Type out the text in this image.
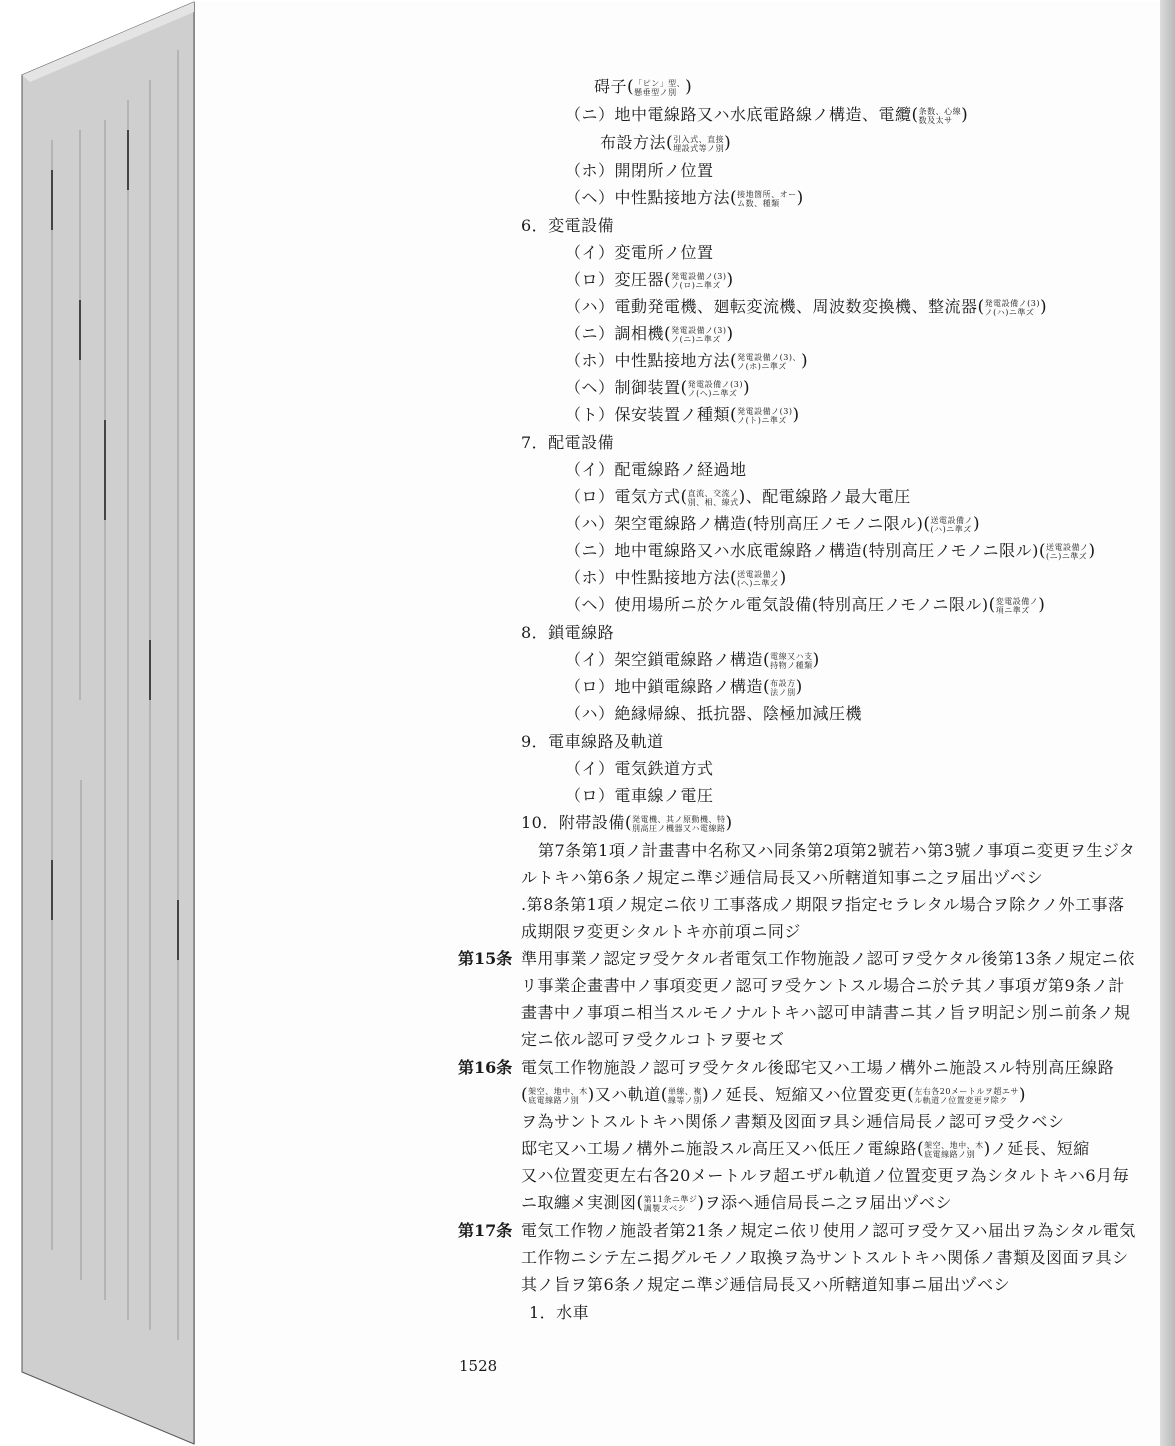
碍子( 「ピン」型、
懸垂型ノ別 )
（ニ）地中電線路又ハ水底電路線ノ構造、電纜( 条数、心線
数及太サ )
布設方法( 引入式、直接
埋設式等ノ別 )
（ホ）開閉所ノ位置
（ヘ）中性點接地方法( 接地箇所、オー
ム数、種類	)
6．変電設備
（イ）変電所ノ位置
（ロ）変圧器( 発電設備ノ(3)
ノ(ロ)ニ準ズ )
（ハ）電動発電機、廻転変流機、周波数変換機、整流器( 発電設備ノ(3)
ノ(ハ)ニ準ズ )
（ニ）調相機( 発電設備ノ(3)
ノ(ニ)ニ準ズ )
（ホ）中性點接地方法( 発電設備ノ(3)、
ノ(ホ)ニ準ズ )
（ヘ）制御装置( 発電設備ノ(3)
ノ(ヘ)ニ準ズ )
（ト）保安装置ノ種類( 発電設備ノ(3)
ノ(ト)ニ準ズ )
7．配電設備
（イ）配電線路ノ経過地
（ロ）電気方式( 直流、交流ノ
別、相、線式 )、配電線路ノ最大電圧
（ハ）架空電線路ノ構造(特別高圧ノモノニ限ル)( 送電設備ノ
(ハ)ニ準ズ )
（ニ）地中電線路又ハ水底電線路ノ構造(特別高圧ノモノニ限ル)( 送電設備ノ
(ニ)ニ準ズ )
（ホ）中性點接地方法( 送電設備ノ
(ヘ)ニ準ズ )
（ヘ）使用場所ニ於ケル電気設備(特別高圧ノモノニ限ル)( 変電設備ノ
項ニ準ズ )
8．鎖電線路
（イ）架空鎖電線路ノ構造( 電線又ハ支
持物ノ種類 )
（ロ）地中鎖電線路ノ構造( 布設方
法ノ別 )
（ハ）絶縁帰線、抵抗器、陰極加減圧機
9．電車線路及軌道
（イ）電気鉄道方式
（ロ）電車線ノ電圧
10．附帯設備( 発電機、其ノ原動機、特
別高圧ノ機器又ハ電線路 )
第7条第1項ノ計畫書中名称又ハ同条第2項第2號若ハ第3號ノ事項ニ変更ヲ生ジタ
ルトキハ第6条ノ規定ニ準ジ逓信局長又ハ所轄道知事ニ之ヲ届出ヅベシ
.第8条第1項ノ規定ニ依リ工事落成ノ期限ヲ指定セラレタル場合ヲ除クノ外工事落
成期限ヲ変更シタルトキ亦前項ニ同ジ
第15条 準用事業ノ認定ヲ受ケタル者電気工作物施設ノ認可ヲ受ケタル後第13条ノ規定ニ依
リ事業企畫書中ノ事項変更ノ認可ヲ受ケントスル場合ニ於テ其ノ事項ガ第9条ノ計
畫書中ノ事項ニ相当スルモノナルトキハ認可申請書ニ其ノ旨ヲ明記シ別ニ前条ノ規
定ニ依ル認可ヲ受クルコトヲ要セズ
第16条 電気工作物施設ノ認可ヲ受ケタル後邸宅又ハ工場ノ構外ニ施設スル特別高圧線路
( 架空、地中、木
底電線路ノ別 )又ハ軌道( 単線、複
線等ノ別 )ノ延長、短縮又ハ位置変更( 左右各20メートルヲ超エサ
ル軌道ノ位置変更ヲ除ク )
ヲ為サントスルトキハ関係ノ書類及図面ヲ具シ逓信局長ノ認可ヲ受クベシ
邸宅又ハ工場ノ構外ニ施設スル高圧又ハ低圧ノ電線路( 架空、地中、木
底電線路ノ別 )ノ延長、短縮
又ハ位置変更左右各20メートルヲ超エザル軌道ノ位置変更ヲ為シタルトキハ6月毎
ニ取纏メ実測図( 第11条ニ準ジ
調製スベシ )ヲ添ヘ逓信局長ニ之ヲ届出ヅベシ
第17条 電気工作物ノ施設者第21条ノ規定ニ依リ使用ノ認可ヲ受ケ又ハ届出ヲ為シタル電気
工作物ニシテ左ニ掲グルモノノ取換ヲ為サントスルトキハ関係ノ書類及図面ヲ具シ
其ノ旨ヲ第6条ノ規定ニ準ジ逓信局長又ハ所轄道知事ニ届出ヅベシ
1．水車
1528
